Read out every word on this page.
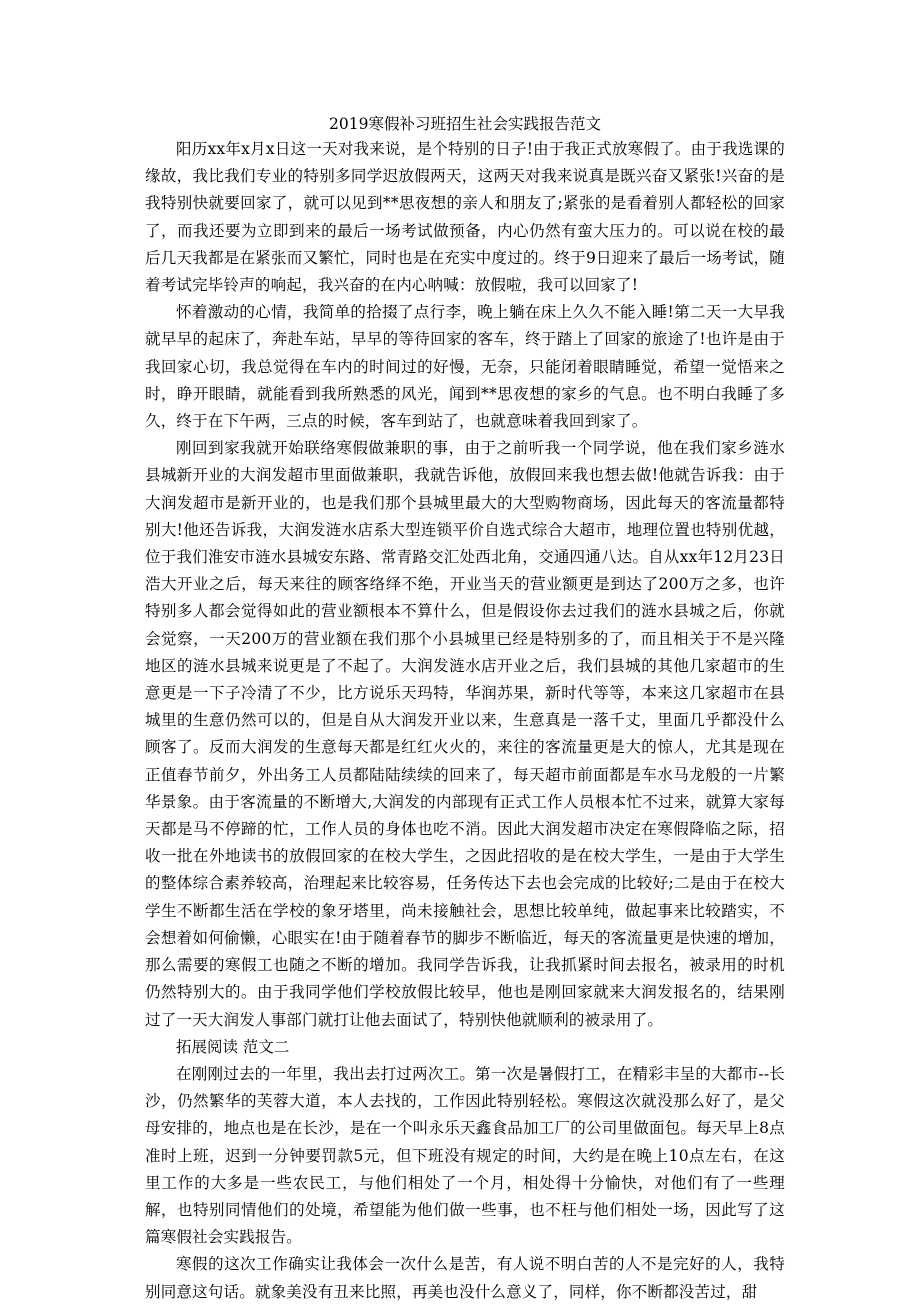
2019寒假补习班招生社会实践报告范文

阳历xx年x月x日这一天对我来说，是个特别的日子!由于我正式放寒假了。由于我选课的缘故，我比我们专业的特别多同学迟放假两天，这两天对我来说真是既兴奋又紧张!兴奋的是我特别快就要回家了，就可以见到**思夜想的亲人和朋友了;紧张的是看着别人都轻松的回家了，而我还要为立即到来的最后一场考试做预备，内心仍然有蛮大压力的。可以说在校的最后几天我都是在紧张而又繁忙，同时也是在充实中度过的。终于9日迎来了最后一场考试，随着考试完毕铃声的响起，我兴奋的在内心呐喊：放假啦，我可以回家了!

怀着激动的心情，我简单的拾掇了点行李，晚上躺在床上久久不能入睡!第二天一大早我就早早的起床了，奔赴车站，早早的等待回家的客车，终于踏上了回家的旅途了!也许是由于我回家心切，我总觉得在车内的时间过的好慢，无奈，只能闭着眼睛睡觉，希望一觉悟来之时，睁开眼睛，就能看到我所熟悉的风光，闻到**思夜想的家乡的气息。也不明白我睡了多久，终于在下午两，三点的时候，客车到站了，也就意味着我回到家了。

刚回到家我就开始联络寒假做兼职的事，由于之前听我一个同学说，他在我们家乡涟水县城新开业的大润发超市里面做兼职，我就告诉他，放假回来我也想去做!他就告诉我：由于大润发超市是新开业的，也是我们那个县城里最大的大型购物商场，因此每天的客流量都特别大!他还告诉我，大润发涟水店系大型连锁平价自选式综合大超市，地理位置也特别优越，位于我们淮安市涟水县城安东路、常青路交汇处西北角，交通四通八达。自从xx年12月23日浩大开业之后，每天来往的顾客络绎不绝，开业当天的营业额更是到达了200万之多，也许特别多人都会觉得如此的营业额根本不算什么，但是假设你去过我们的涟水县城之后，你就会觉察，一天200万的营业额在我们那个小县城里已经是特别多的了，而且相关于不是兴隆地区的涟水县城来说更是了不起了。大润发涟水店开业之后，我们县城的其他几家超市的生意更是一下子冷清了不少，比方说乐天玛特，华润苏果，新时代等等，本来这几家超市在县城里的生意仍然可以的，但是自从大润发开业以来，生意真是一落千丈，里面几乎都没什么顾客了。反而大润发的生意每天都是红红火火的，来往的客流量更是大的惊人，尤其是现在正值春节前夕，外出务工人员都陆陆续续的回来了，每天超市前面都是车水马龙般的一片繁华景象。由于客流量的不断增大,大润发的内部现有正式工作人员根本忙不过来，就算大家每天都是马不停蹄的忙，工作人员的身体也吃不消。因此大润发超市决定在寒假降临之际，招收一批在外地读书的放假回家的在校大学生，之因此招收的是在校大学生，一是由于大学生的整体综合素养较高，治理起来比较容易，任务传达下去也会完成的比较好;二是由于在校大学生不断都生活在学校的象牙塔里，尚未接触社会，思想比较单纯，做起事来比较踏实，不会想着如何偷懒，心眼实在!由于随着春节的脚步不断临近，每天的客流量更是快速的增加，那么需要的寒假工也随之不断的增加。我同学告诉我，让我抓紧时间去报名，被录用的时机仍然特别大的。由于我同学他们学校放假比较早，他也是刚回家就来大润发报名的，结果刚过了一天大润发人事部门就打让他去面试了，特别快他就顺利的被录用了。

拓展阅读 范文二

在刚刚过去的一年里，我出去打过两次工。第一次是暑假打工，在精彩丰呈的大都市--长沙，仍然繁华的芙蓉大道，本人去找的，工作因此特别轻松。寒假这次就没那么好了，是父母安排的，地点也是在长沙，是在一个叫永乐天鑫食品加工厂的公司里做面包。每天早上8点准时上班，迟到一分钟要罚款5元，但下班没有规定的时间，大约是在晚上10点左右，在这里工作的大多是一些农民工，与他们相处了一个月，相处得十分愉快，对他们有了一些理解，也特别同情他们的处境，希望能为他们做一些事，也不枉与他们相处一场，因此写了这篇寒假社会实践报告。

寒假的这次工作确实让我体会一次什么是苦，有人说不明白苦的人不是完好的人，我特别同意这句话。就象美没有丑来比照，再美也没什么意义了，同样，你不断都没苦过，甜
